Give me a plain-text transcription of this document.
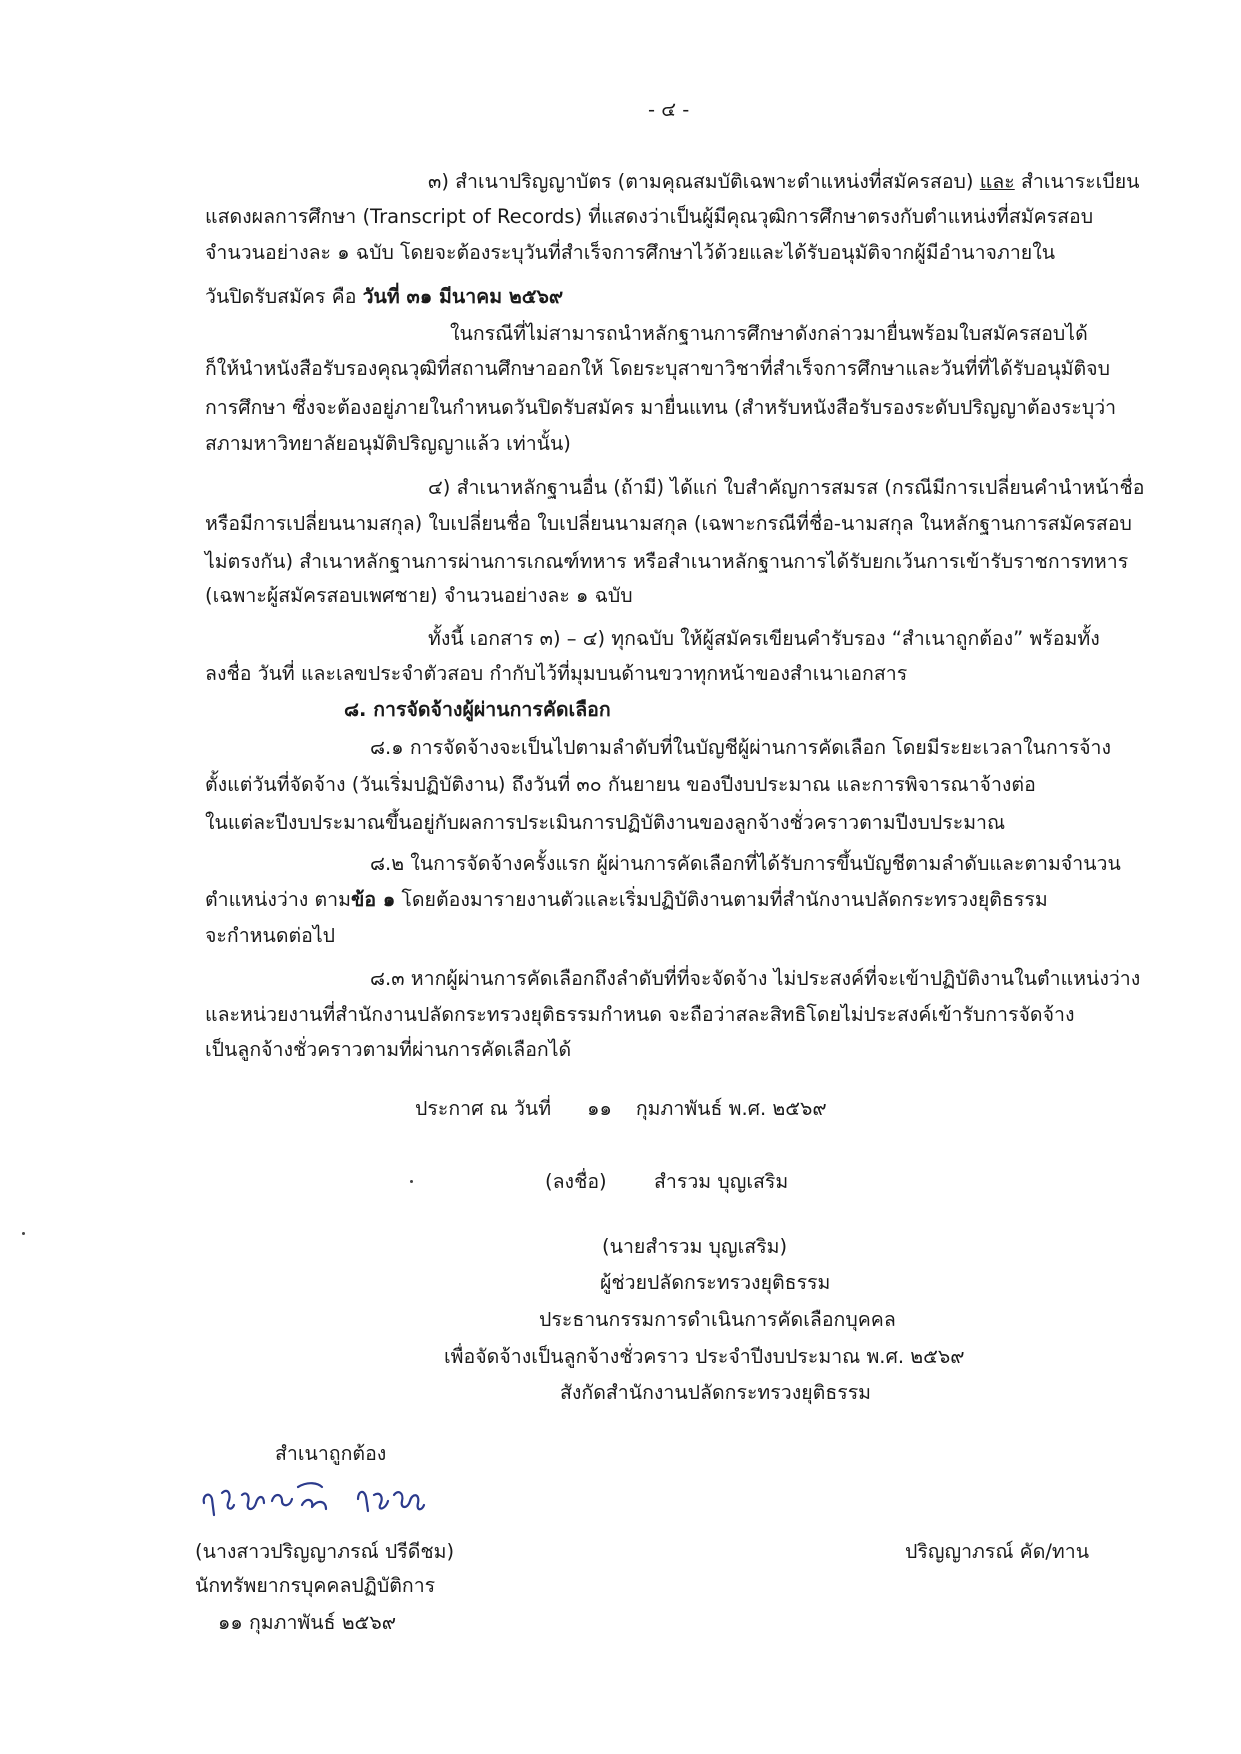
- ๔ -
๓) สำเนาปริญญาบัตร (ตามคุณสมบัติเฉพาะตำแหน่งที่สมัครสอบ) และ สำเนาระเบียน
แสดงผลการศึกษา (Transcript of Records) ที่แสดงว่าเป็นผู้มีคุณวุฒิการศึกษาตรงกับตำแหน่งที่สมัครสอบ
จำนวนอย่างละ ๑ ฉบับ โดยจะต้องระบุวันที่สำเร็จการศึกษาไว้ด้วยและได้รับอนุมัติจากผู้มีอำนาจภายใน
วันปิดรับสมัคร คือ วันที่ ๓๑ มีนาคม ๒๕๖๙
ในกรณีที่ไม่สามารถนำหลักฐานการศึกษาดังกล่าวมายื่นพร้อมใบสมัครสอบได้
ก็ให้นำหนังสือรับรองคุณวุฒิที่สถานศึกษาออกให้ โดยระบุสาขาวิชาที่สำเร็จการศึกษาและวันที่ที่ได้รับอนุมัติจบ
การศึกษา ซึ่งจะต้องอยู่ภายในกำหนดวันปิดรับสมัคร มายื่นแทน (สำหรับหนังสือรับรองระดับปริญญาต้องระบุว่า
สภามหาวิทยาลัยอนุมัติปริญญาแล้ว เท่านั้น)
๔) สำเนาหลักฐานอื่น (ถ้ามี) ได้แก่ ใบสำคัญการสมรส (กรณีมีการเปลี่ยนคำนำหน้าชื่อ
หรือมีการเปลี่ยนนามสกุล) ใบเปลี่ยนชื่อ ใบเปลี่ยนนามสกุล (เฉพาะกรณีที่ชื่อ-นามสกุล ในหลักฐานการสมัครสอบ
ไม่ตรงกัน) สำเนาหลักฐานการผ่านการเกณฑ์ทหาร หรือสำเนาหลักฐานการได้รับยกเว้นการเข้ารับราชการทหาร
(เฉพาะผู้สมัครสอบเพศชาย) จำนวนอย่างละ ๑ ฉบับ
ทั้งนี้ เอกสาร ๓) – ๔) ทุกฉบับ ให้ผู้สมัครเขียนคำรับรอง “สำเนาถูกต้อง” พร้อมทั้ง
ลงชื่อ วันที่ และเลขประจำตัวสอบ กำกับไว้ที่มุมบนด้านขวาทุกหน้าของสำเนาเอกสาร
๘. การจัดจ้างผู้ผ่านการคัดเลือก
๘.๑ การจัดจ้างจะเป็นไปตามลำดับที่ในบัญชีผู้ผ่านการคัดเลือก โดยมีระยะเวลาในการจ้าง
ตั้งแต่วันที่จัดจ้าง (วันเริ่มปฏิบัติงาน) ถึงวันที่ ๓๐ กันยายน ของปีงบประมาณ และการพิจารณาจ้างต่อ
ในแต่ละปีงบประมาณขึ้นอยู่กับผลการประเมินการปฏิบัติงานของลูกจ้างชั่วคราวตามปีงบประมาณ
๘.๒ ในการจัดจ้างครั้งแรก ผู้ผ่านการคัดเลือกที่ได้รับการขึ้นบัญชีตามลำดับและตามจำนวน
ตำแหน่งว่าง ตามข้อ ๑ โดยต้องมารายงานตัวและเริ่มปฏิบัติงานตามที่สำนักงานปลัดกระทรวงยุติธรรม
จะกำหนดต่อไป
๘.๓ หากผู้ผ่านการคัดเลือกถึงลำดับที่ที่จะจัดจ้าง ไม่ประสงค์ที่จะเข้าปฏิบัติงานในตำแหน่งว่าง
และหน่วยงานที่สำนักงานปลัดกระทรวงยุติธรรมกำหนด จะถือว่าสละสิทธิโดยไม่ประสงค์เข้ารับการจัดจ้าง
เป็นลูกจ้างชั่วคราวตามที่ผ่านการคัดเลือกได้
ประกาศ ณ วันที่ ๑๑ กุมภาพันธ์ พ.ศ. ๒๕๖๙
(ลงชื่อ) สำรวม บุญเสริม
(นายสำรวม บุญเสริม)
ผู้ช่วยปลัดกระทรวงยุติธรรม
ประธานกรรมการดำเนินการคัดเลือกบุคคล
เพื่อจัดจ้างเป็นลูกจ้างชั่วคราว ประจำปีงบประมาณ พ.ศ. ๒๕๖๙
สังกัดสำนักงานปลัดกระทรวงยุติธรรม
สำเนาถูกต้อง
(นางสาวปริญญาภรณ์ ปรีดีชม)
นักทรัพยากรบุคคลปฏิบัติการ
๑๑ กุมภาพันธ์ ๒๕๖๙
ปริญญาภรณ์ คัด/ทาน
